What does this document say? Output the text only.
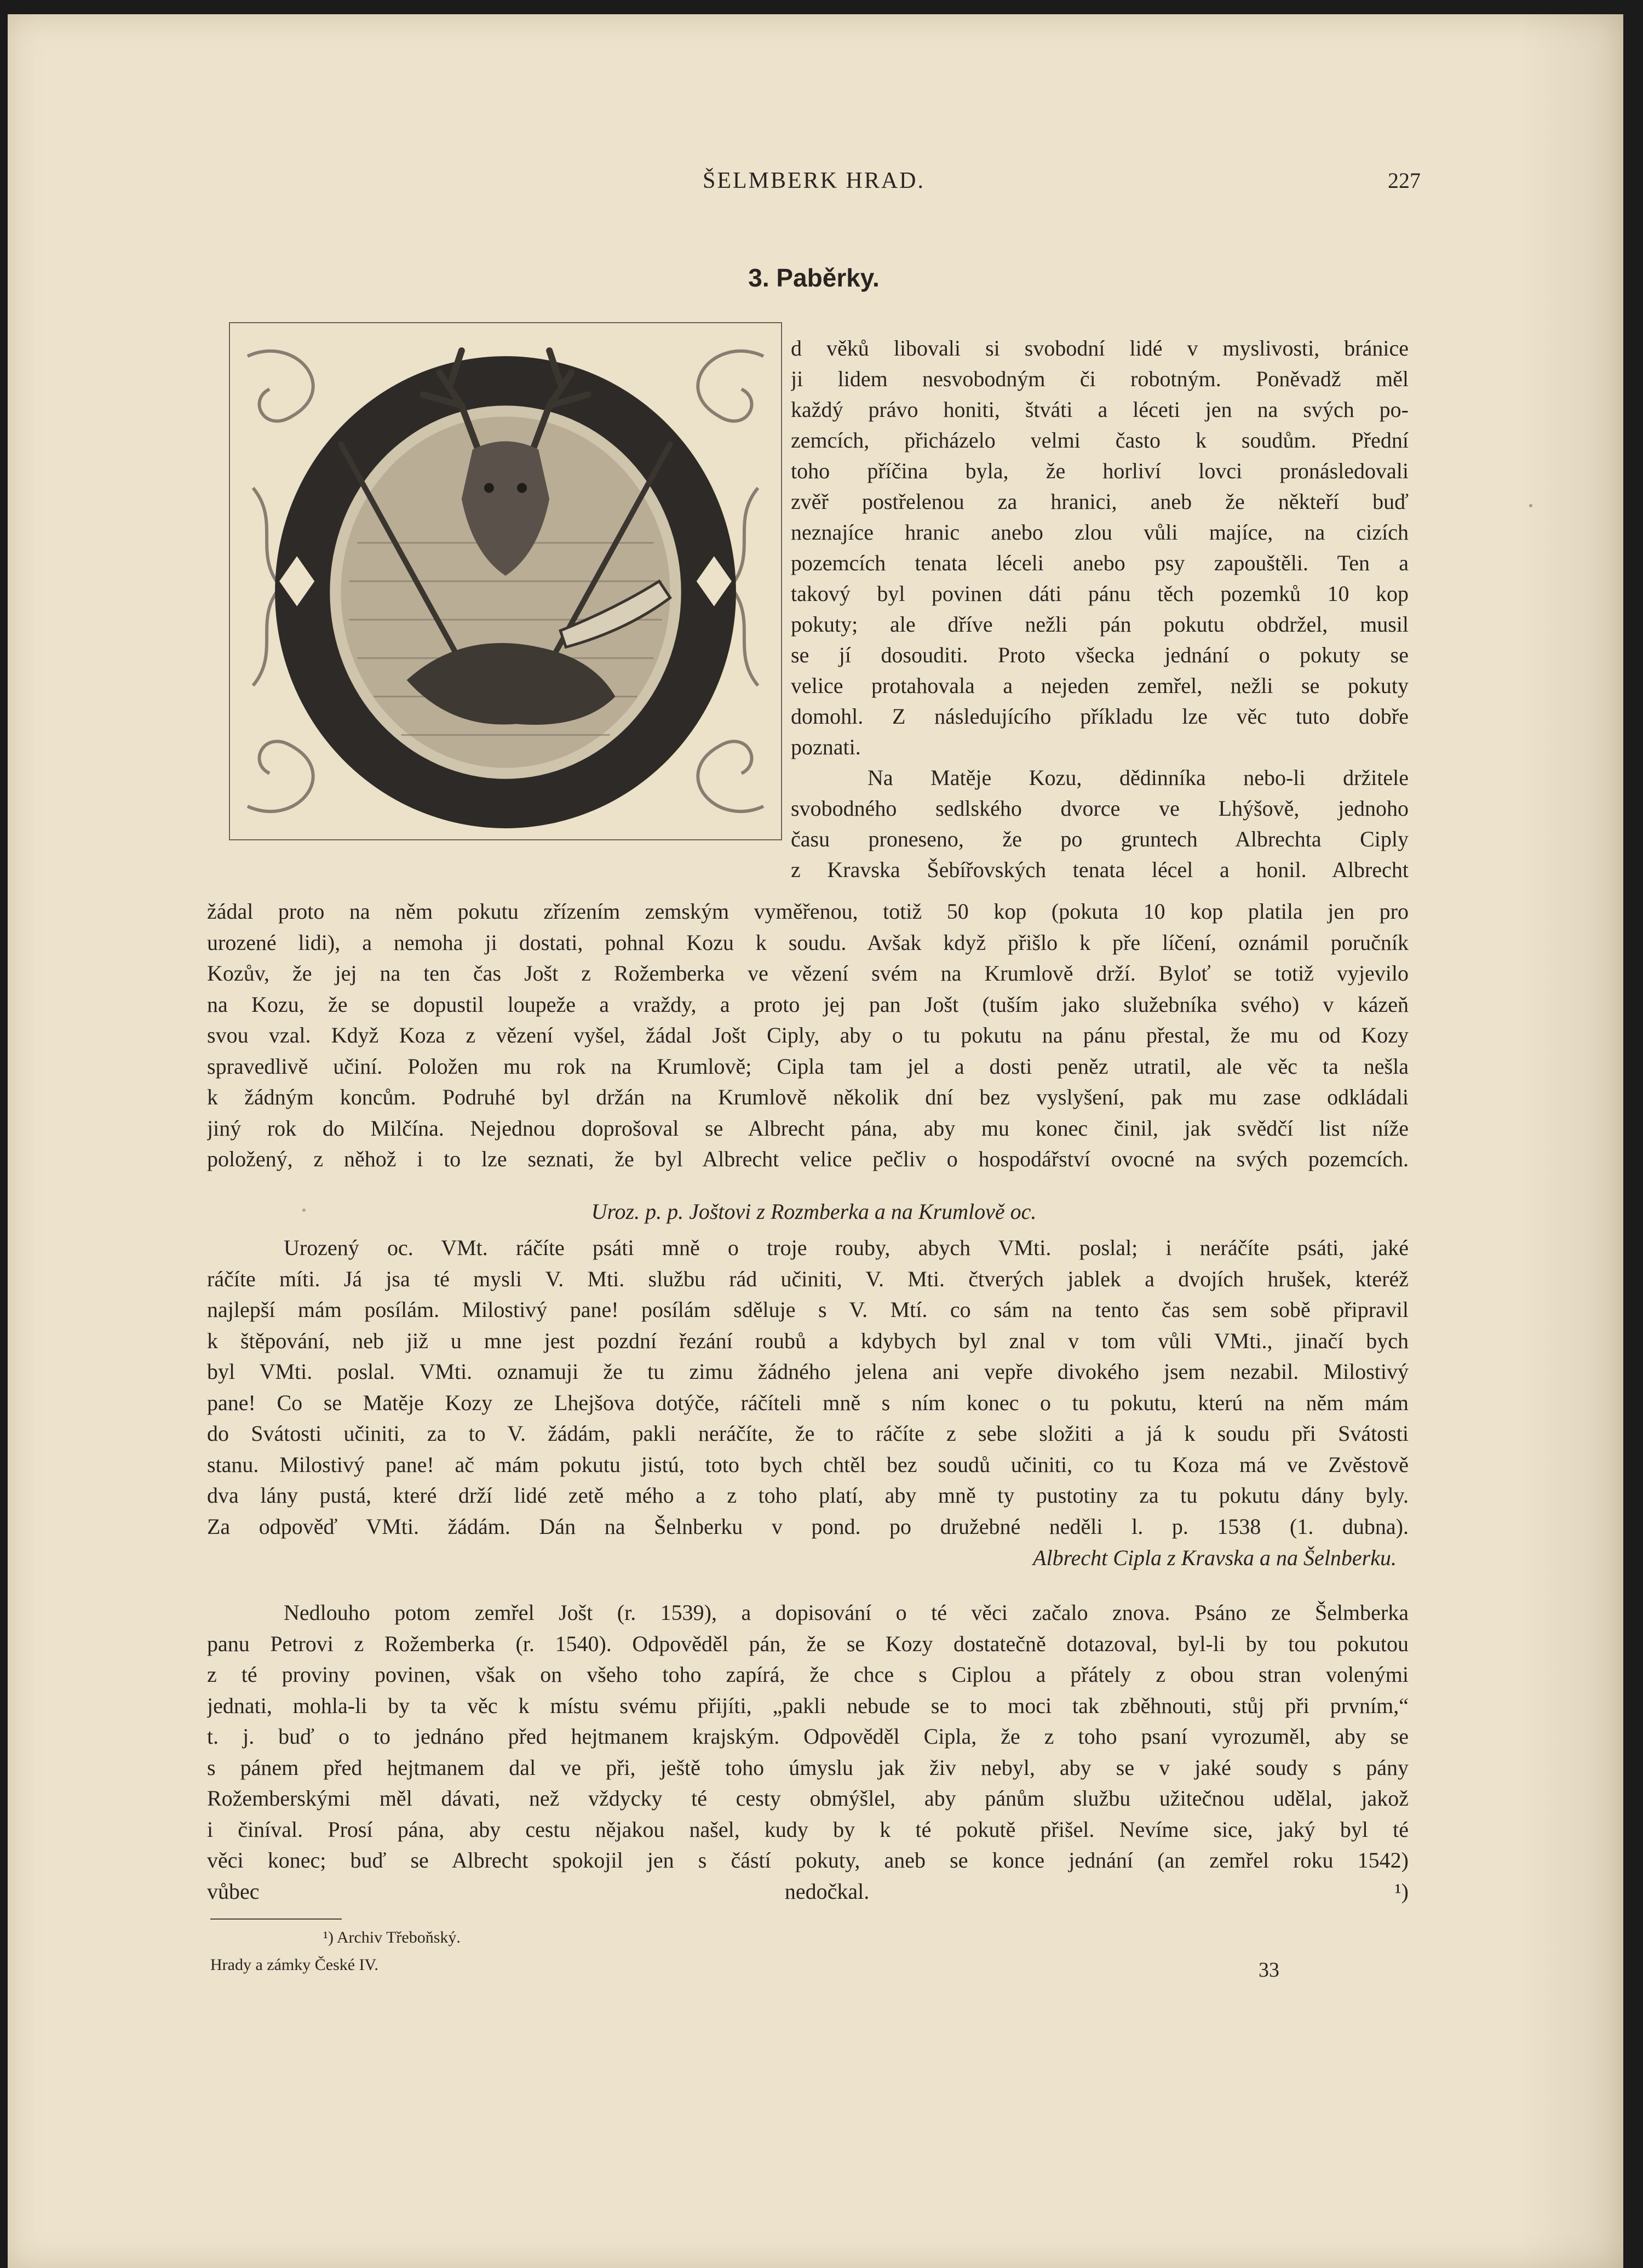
ŠELMBERK HRAD.	227
3. Paběrky.

d věků libovali si svobodní lidé v myslivosti, bránice

ji lidem nesvobodným či robotným. Poněvadž měl

každý právo honiti, štváti a léceti jen na svých po-

zemcích, přicházelo velmi často k soudům. Přední

toho příčina byla, že horliví lovci pronásledovali

zvěř postřelenou za hranici, aneb že někteří buď

neznajíce hranic anebo zlou vůli majíce, na cizích

pozemcích tenata léceli anebo psy zapouštěli. Ten a

takový byl povinen dáti pánu těch pozemků 10 kop

pokuty; ale dříve nežli pán pokutu obdržel, musil

se jí dosouditi. Proto všecka jednání o pokuty se

velice protahovala a nejeden zemřel, nežli se pokuty

domohl. Z následujícího příkladu lze věc tuto dobře

poznati.

Na Matěje Kozu, dědinníka nebo-li držitele

svobodného sedlského dvorce ve Lhýšově, jednoho

času proneseno, že po gruntech Albrechta Ciply

z Kravska Šebířovských tenata lécel a honil. Albrecht

žádal proto na něm pokutu zřízením zemským vyměřenou, totiž 50 kop (pokuta 10 kop platila jen pro

urozené lidi), a nemoha ji dostati, pohnal Kozu k soudu. Avšak když přišlo k pře líčení, oznámil poručník

Kozův, že jej na ten čas Jošt z Rožemberka ve vězení svém na Krumlově drží. Byloť se totiž vyjevilo

na Kozu, že se dopustil loupeže a vraždy, a proto jej pan Jošt (tuším jako služebníka svého) v kázeň

svou vzal. Když Koza z vězení vyšel, žádal Jošt Ciply, aby o tu pokutu na pánu přestal, že mu od Kozy

spravedlivě učiní. Položen mu rok na Krumlově; Cipla tam jel a dosti peněz utratil, ale věc ta nešla

k žádným koncům. Podruhé byl držán na Krumlově několik dní bez vyslyšení, pak mu zase odkládali

jiný rok do Milčína. Nejednou doprošoval se Albrecht pána, aby mu konec činil, jak svědčí list níže

položený, z něhož i to lze seznati, že byl Albrecht velice pečliv o hospodářství ovocné na svých pozemcích.

Uroz. p. p. Joštovi z Rozmberka a na Krumlově oc.

Urozený oc. VMt. ráčíte psáti mně o troje rouby, abych VMti. poslal; i neráčíte psáti, jaké

ráčíte míti. Já jsa té mysli V. Mti. službu rád učiniti, V. Mti. čtverých jablek a dvojích hrušek, kteréž

najlepší mám posílám. Milostivý pane! posílám sděluje s V. Mtí. co sám na tento čas sem sobě připravil

k štěpování, neb již u mne jest pozdní řezání roubů a kdybych byl znal v tom vůli VMti., jinačí bych

byl VMti. poslal. VMti. oznamuji že tu zimu žádného jelena ani vepře divokého jsem nezabil. Milostivý

pane! Co se Matěje Kozy ze Lhejšova dotýče, ráčíteli mně s ním konec o tu pokutu, kterú na něm mám

do Svátosti učiniti, za to V. žádám, pakli neráčíte, že to ráčíte z sebe složiti a já k soudu při Svátosti

stanu. Milostivý pane! ač mám pokutu jistú, toto bych chtěl bez soudů učiniti, co tu Koza má ve Zvěstově

dva lány pustá, které drží lidé zetě mého a z toho platí, aby mně ty pustotiny za tu pokutu dány byly.

Za odpověď VMti. žádám. Dán na Šelnberku v pond. po družebné neděli l. p. 1538 (1. dubna).

Albrecht Cipla z Kravska a na Šelnberku.

Nedlouho potom zemřel Jošt (r. 1539), a dopisování o té věci začalo znova. Psáno ze Šelmberka

panu Petrovi z Rožemberka (r. 1540). Odpověděl pán, že se Kozy dostatečně dotazoval, byl-li by tou pokutou

z té proviny povinen, však on všeho toho zapírá, že chce s Ciplou a přátely z obou stran volenými

jednati, mohla-li by ta věc k místu svému přijíti, „pakli nebude se to moci tak zběhnouti, stůj při prvním,“

t. j. buď o to jednáno před hejtmanem krajským. Odpověděl Cipla, že z toho psaní vyrozuměl, aby se

s pánem před hejtmanem dal ve při, ještě toho úmyslu jak živ nebyl, aby se v jaké soudy s pány

Rožemberskými měl dávati, než vždycky té cesty obmýšlel, aby pánům službu užitečnou udělal, jakož

i činíval. Prosí pána, aby cestu nějakou našel, kudy by k té pokutě přišel. Nevíme sice, jaký byl té

věci konec; buď se Albrecht spokojil jen s částí pokuty, aneb se konce jednání (an zemřel roku 1542)

vůbec nedočkal. ¹)

¹) Archiv Třeboňský.
Hrady a zámky České IV.	33
